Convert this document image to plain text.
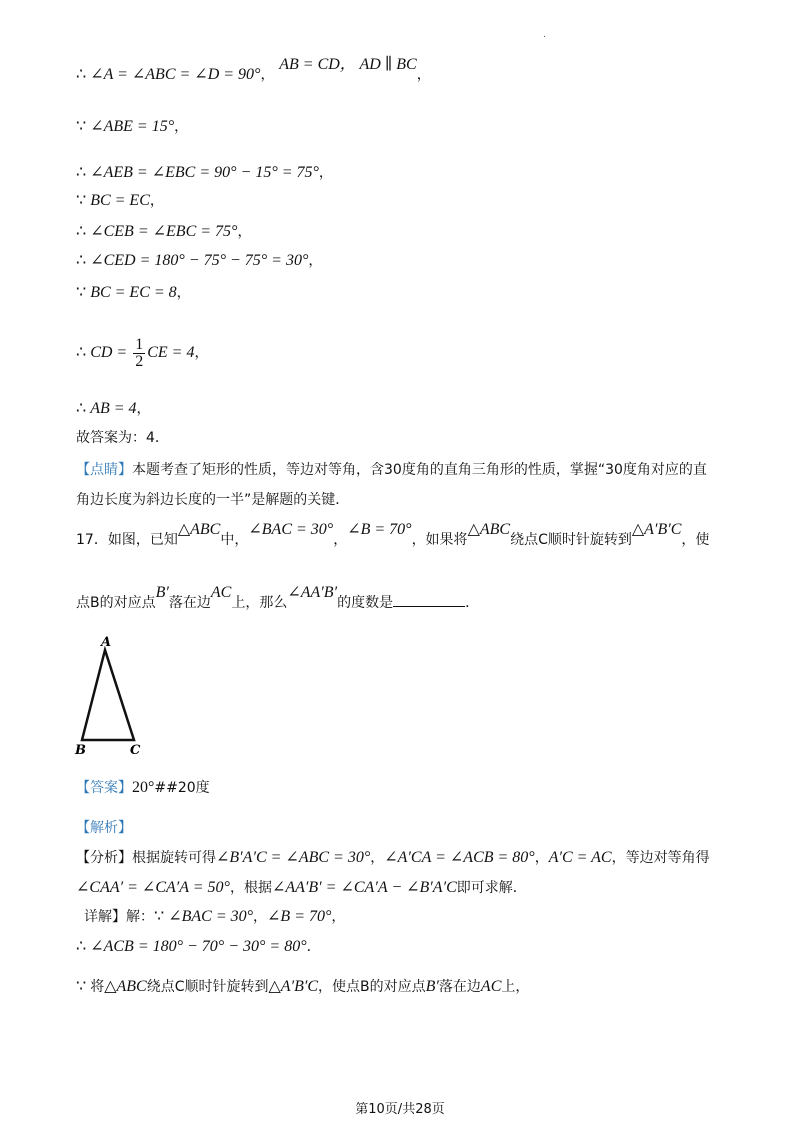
.
∴ ∠A = ∠ABC = ∠D = 90°， AB = CD， AD ∥ BC，
∵ ∠ABE = 15°，
∴ ∠AEB = ∠EBC = 90° − 15° = 75°，
∵ BC = EC，
∴ ∠CEB = ∠EBC = 75°，
∴ ∠CED = 180° − 75° − 75° = 30°，
∵ BC = EC = 8，
∴ CD = $\frac{1}{2}$ CE = 4，
∴ AB = 4，
故答案为：4．
【点睛】本题考查了矩形的性质，等边对等角，含30度角的直角三角形的性质，掌握“30度角对应的直
角边长度为斜边长度的一半”是解题的关键．
17．如图，已知△ABC中，∠BAC = 30°，∠B = 70°，如果将△ABC绕点C顺时针旋转到△A′B′C，使
点B的对应点B′落在边AC上，那么∠AA′B′的度数是	．
A
B	C
【答案】20°##20度
【解析】
【分析】根据旋转可得∠B′A′C = ∠ABC = 30°，∠A′CA = ∠ACB = 80°，A′C = AC，等边对等角得
∠CAA′ = ∠CA′A = 50°，根据∠AA′B′ = ∠CA′A − ∠B′A′C即可求解．
详解】解：∵ ∠BAC = 30°，∠B = 70°，
∴ ∠ACB = 180° − 70° − 30° = 80°．
∵ 将△ABC绕点C顺时针旋转到△A′B′C，使点B的对应点B′落在边AC上，
第10页/共28页
